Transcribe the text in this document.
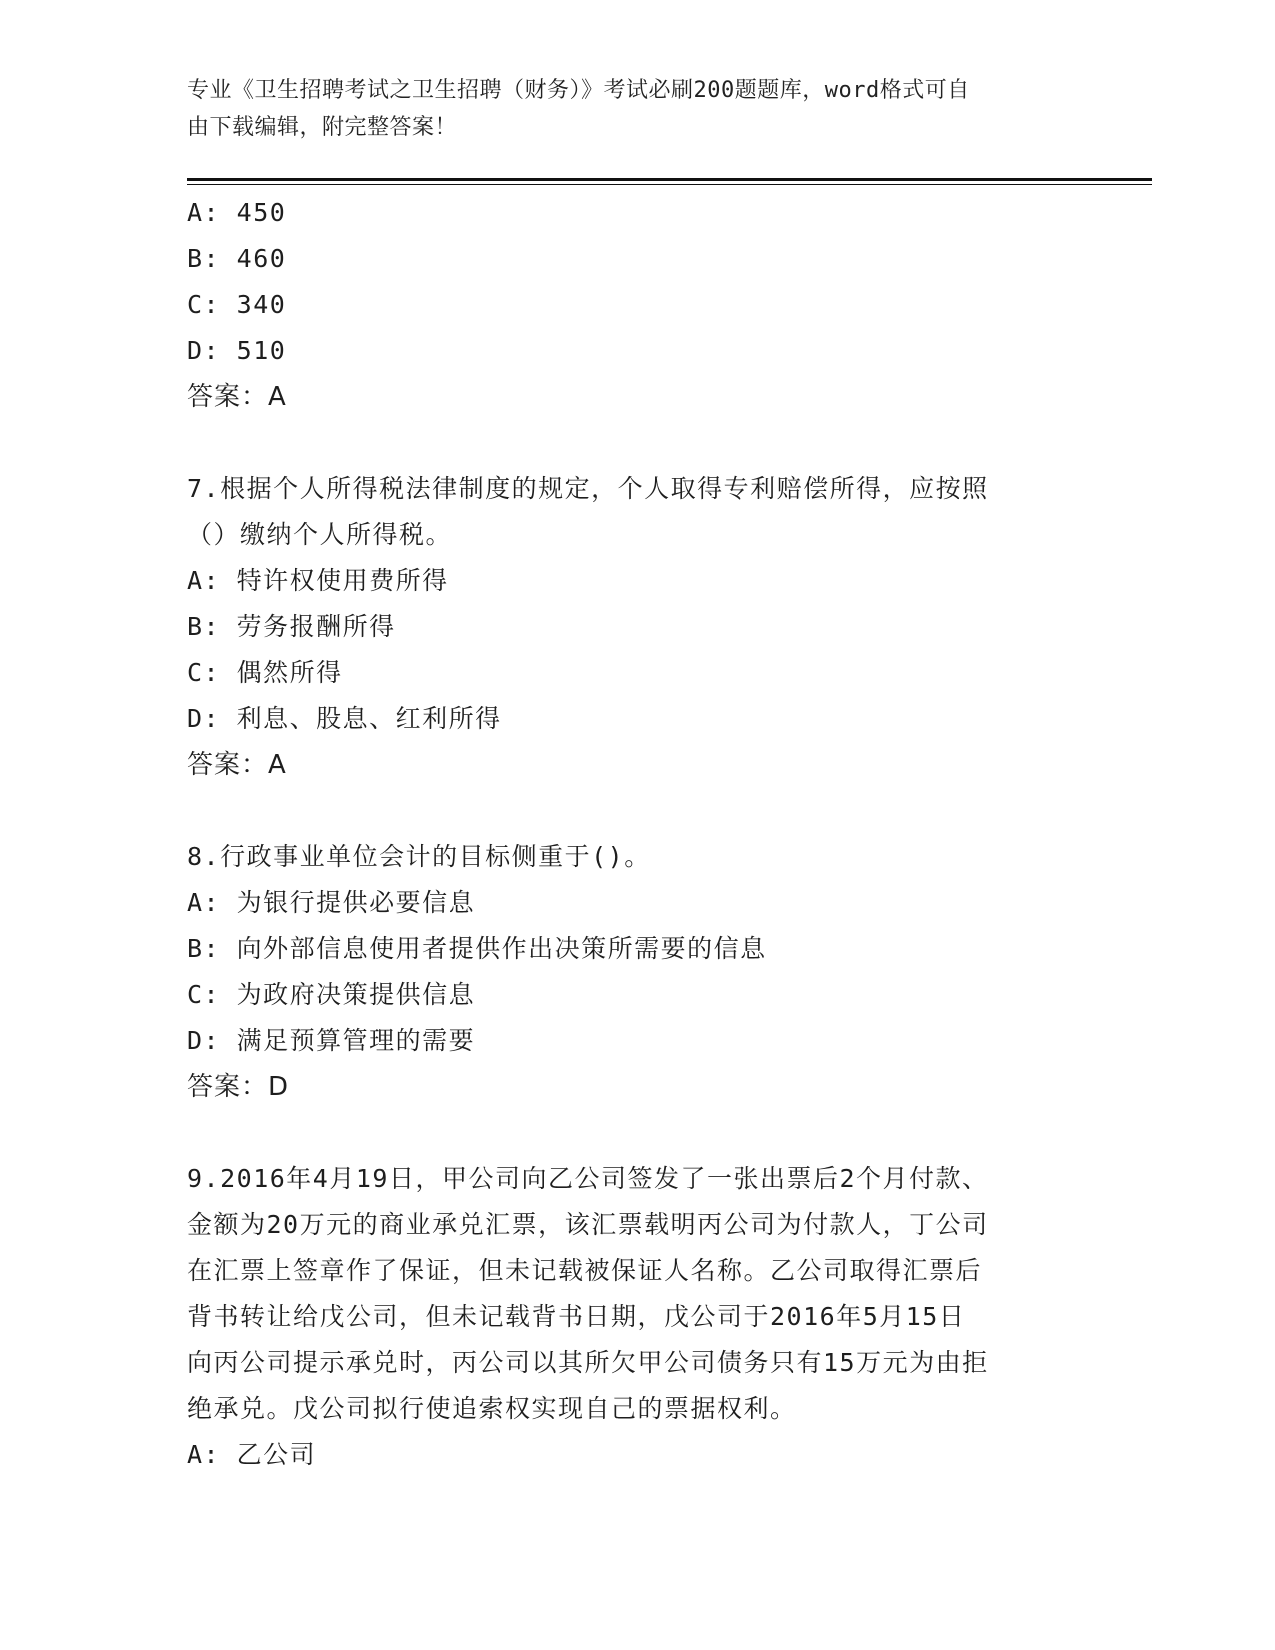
专业《卫生招聘考试之卫生招聘（财务）》考试必刷200题题库，word格式可自
由下载编辑，附完整答案！
A: 450
B: 460
C: 340
D: 510
答案：A
7.根据个人所得税法律制度的规定，个人取得专利赔偿所得，应按照
（）缴纳个人所得税。
A: 特许权使用费所得
B: 劳务报酬所得
C: 偶然所得
D: 利息、股息、红利所得
答案：A
8.行政事业单位会计的目标侧重于()。
A: 为银行提供必要信息
B: 向外部信息使用者提供作出决策所需要的信息
C: 为政府决策提供信息
D: 满足预算管理的需要
答案：D
9.2016年4月19日，甲公司向乙公司签发了一张出票后2个月付款、
金额为20万元的商业承兑汇票，该汇票载明丙公司为付款人，丁公司
在汇票上签章作了保证，但未记载被保证人名称。乙公司取得汇票后
背书转让给戊公司，但未记载背书日期，戊公司于2016年5月15日
向丙公司提示承兑时，丙公司以其所欠甲公司债务只有15万元为由拒
绝承兑。戊公司拟行使追索权实现自己的票据权利。
A: 乙公司
